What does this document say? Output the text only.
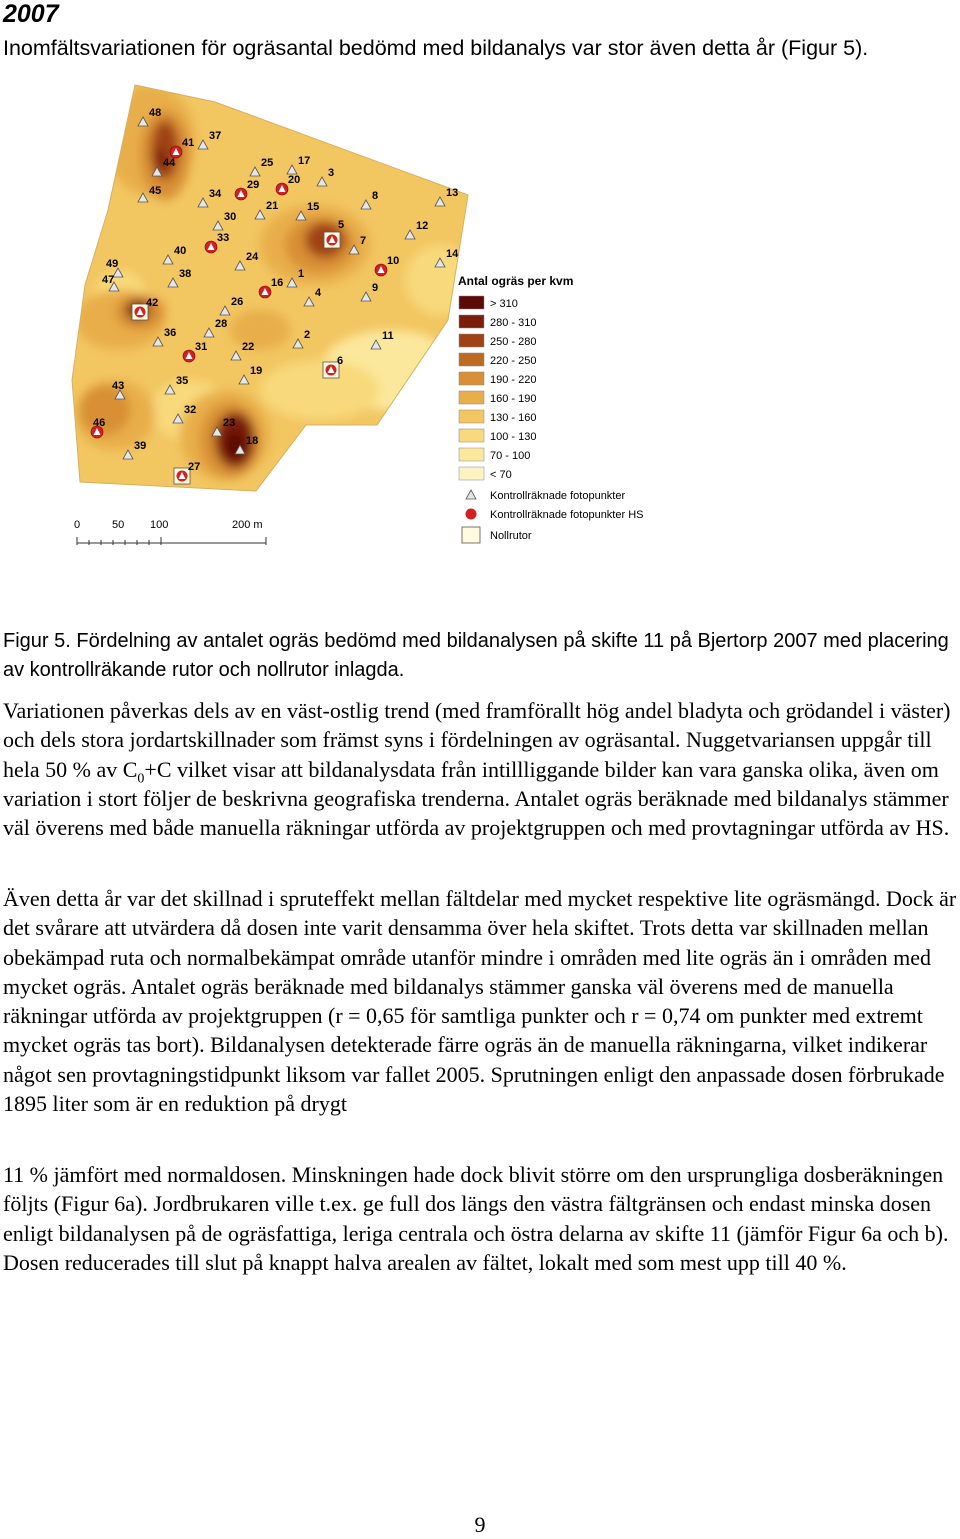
2007
Inomfältsvariationen för ogräsantal bedömd med bildanalys var stor även detta år (Figur 5).
48
41
37
44
45	34
29
25 17
20
3
8	13
21	15
30
5	12
7
40
33
24	10
14
49
47	38	1
16
42	26
4	9
28
36
31	22
2	11
6
19
35
43
32
46	23
18
39
27
Antal ogräs per kvm
> 310
280 - 310
250 - 280
220 - 250
190 - 220
160 - 190
130 - 160
100 - 130
70 - 100
< 70
Kontrollräknade fotopunkter
Kontrollräknade fotopunkter HS
Nollrutor
0	50 100	200 m
Figur 5. Fördelning av antalet ogräs bedömd med bildanalysen på skifte 11 på Bjertorp 2007 med placering av kontrollräkande rutor och nollrutor inlagda.
Variationen påverkas dels av en väst-ostlig trend (med framförallt hög andel bladyta och grödandel i väster) och dels stora jordartskillnader som främst syns i fördelningen av ogräsantal. Nuggetvariansen uppgår till hela 50 % av $C_0+C$ vilket visar att bildanalysdata från intillliggande bilder kan vara ganska olika, även om variation i stort följer de beskrivna geografiska trenderna. Antalet ogräs beräknade med bildanalys stämmer väl överens med både manuella räkningar utförda av projektgruppen och med provtagningar utförda av HS.
Även detta år var det skillnad i spruteffekt mellan fältdelar med mycket respektive lite ogräsmängd. Dock är det svårare att utvärdera då dosen inte varit densamma över hela skiftet. Trots detta var skillnaden mellan obekämpad ruta och normalbekämpat område utanför mindre i områden med lite ogräs än i områden med mycket ogräs. Antalet ogräs beräknade med bildanalys stämmer ganska väl överens med de manuella räkningar utförda av projektgruppen (r = 0,65 för samtliga punkter och r = 0,74 om punkter med extremt mycket ogräs tas bort). Bildanalysen detekterade färre ogräs än de manuella räkningarna, vilket indikerar något sen provtagningstidpunkt liksom var fallet 2005. Sprutningen enligt den anpassade dosen förbrukade 1895 liter som är en reduktion på drygt
11 % jämfört med normaldosen. Minskningen hade dock blivit större om den ursprungliga dosberäkningen följts (Figur 6a). Jordbrukaren ville t.ex. ge full dos längs den västra fältgränsen och endast minska dosen enligt bildanalysen på de ogräsfattiga, leriga centrala och östra delarna av skifte 11 (jämför Figur 6a och b). Dosen reducerades till slut på knappt halva arealen av fältet, lokalt med som mest upp till 40 %.
9
